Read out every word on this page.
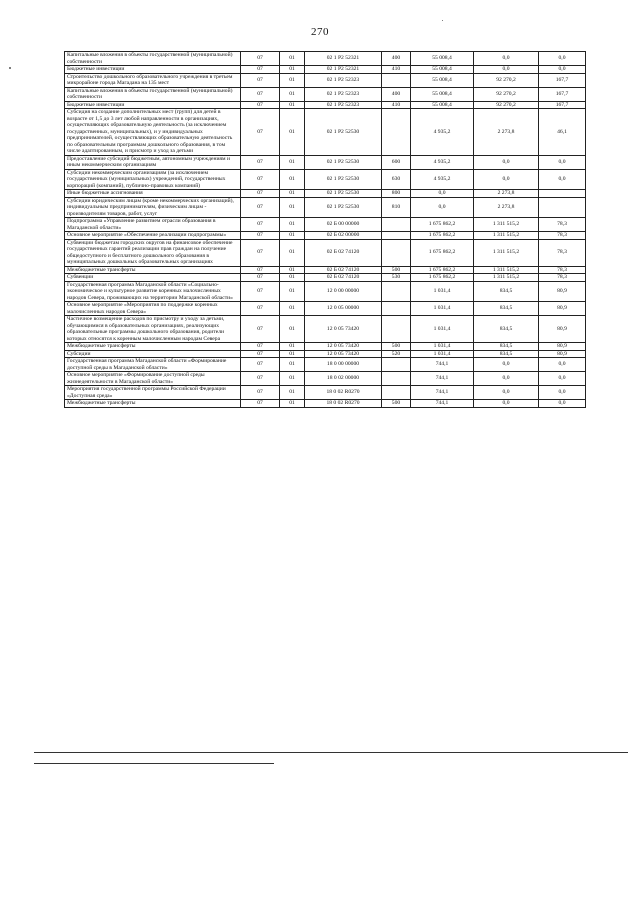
270
Капитальные вложения в объекты государственной (муниципальной) собственности	07	01	02 1 P2 52321	400	55 008,4	0,0	0,0
Бюджетные инвестиции	07	01	02 1 P2 52321	410	55 008,4	0,0	0,0
Строительство дошкольного образовательного учреждения в третьем микрорайоне города Магадана на 135 мест	07	01	02 1 P2 52323		55 008,4	92 270,2	167,7
Капитальные вложения в объекты государственной (муниципальной) собственности	07	01	02 1 P2 52323	400	55 008,4	92 270,2	167,7
Бюджетные инвестиции	07	01	02 1 P2 52323	410	55 008,4	92 270,2	167,7
Субсидия на создание дополнительных мест (групп) для детей в возрасте от 1,5 до 3 лет любой направленности в организациях, осуществляющих образовательную деятельность (за исключением государственных, муниципальных), и у индивидуальных предпринимателей, осуществляющих образовательную деятельность по образовательным программам дошкольного образования, в том числе адаптированным, и присмотр и уход за детьми	07	01	02 1 P2 52530		4 935,2	2 273,8	46,1
Предоставление субсидий бюджетным, автономным учреждениям и иным некоммерческим организациям	07	01	02 1 P2 52530	600	4 935,2	0,0	0,0
Субсидии некоммерческим организациям (за исключением государственных (муниципальных) учреждений, государственных корпораций (компаний), публично-правовых компаний)	07	01	02 1 P2 52530	630	4 935,2	0,0	0,0
Иные бюджетные ассигнования	07	01	02 1 P2 52530	800	0,0	2 273,8	
Субсидии юридическим лицам (кроме некоммерческих организаций), индивидуальным предпринимателям, физическим лицам - производителям товаров, работ, услуг	07	01	02 1 P2 52530	810	0,0	2 273,8	
Подпрограмма «Управление развитием отрасли образования в Магаданской области»	07	01	02 Б 00 00000		1 675 862,2	1 311 515,2	78,3
Основное мероприятие «Обеспечение реализации подпрограммы»	07	01	02 Б 02 00000		1 675 862,2	1 311 515,2	78,3
Субвенции бюджетам городских округов на финансовое обеспечение государственных гарантий реализации прав граждан на получение общедоступного и бесплатного дошкольного образования в муниципальных дошкольных образовательных организациях	07	01	02 Б 02 74120		1 675 862,2	1 311 515,2	78,3
Межбюджетные трансферты	07	01	02 Б 02 74120	500	1 675 862,2	1 311 515,2	78,3
Субвенции	07	01	02 Б 02 74120	530	1 675 862,2	1 311 515,2	78,3
Государственная программа Магаданской области «Социально-экономическое и культурное развитие коренных малочисленных народов Севера, проживающих на территории Магаданской области»	07	01	12 0 00 00000		1 031,4	834,5	80,9
Основное мероприятие «Мероприятия по поддержке коренных малочисленных народов Севера»	07	01	12 0 05 00000		1 031,4	834,5	80,9
Частичное возмещение расходов по присмотру и уходу за детьми, обучающимися в образовательных организациях, реализующих образовательные программы дошкольного образования, родители которых относятся к коренным малочисленным народам Севера	07	01	12 0 05 73420		1 031,4	834,5	80,9
Межбюджетные трансферты	07	01	12 0 05 73420	500	1 031,4	834,5	80,9
Субсидии	07	01	12 0 05 73420	520	1 031,4	834,5	80,9
Государственная программа Магаданской области «Формирование доступной среды в Магаданской области»	07	01	18 0 00 00000		744,1	0,0	0,0
Основное мероприятие «Формирование доступной среды жизнедеятельности в Магаданской области»	07	01	18 0 02 00000		744,1	0,0	0,0
Мероприятия государственной программы Российской Федерации «Доступная среда»	07	01	18 0 02 R0270		744,1	0,0	0,0
Межбюджетные трансферты	07	01	18 0 02 R0270	500	744,1	0,0	0,0
